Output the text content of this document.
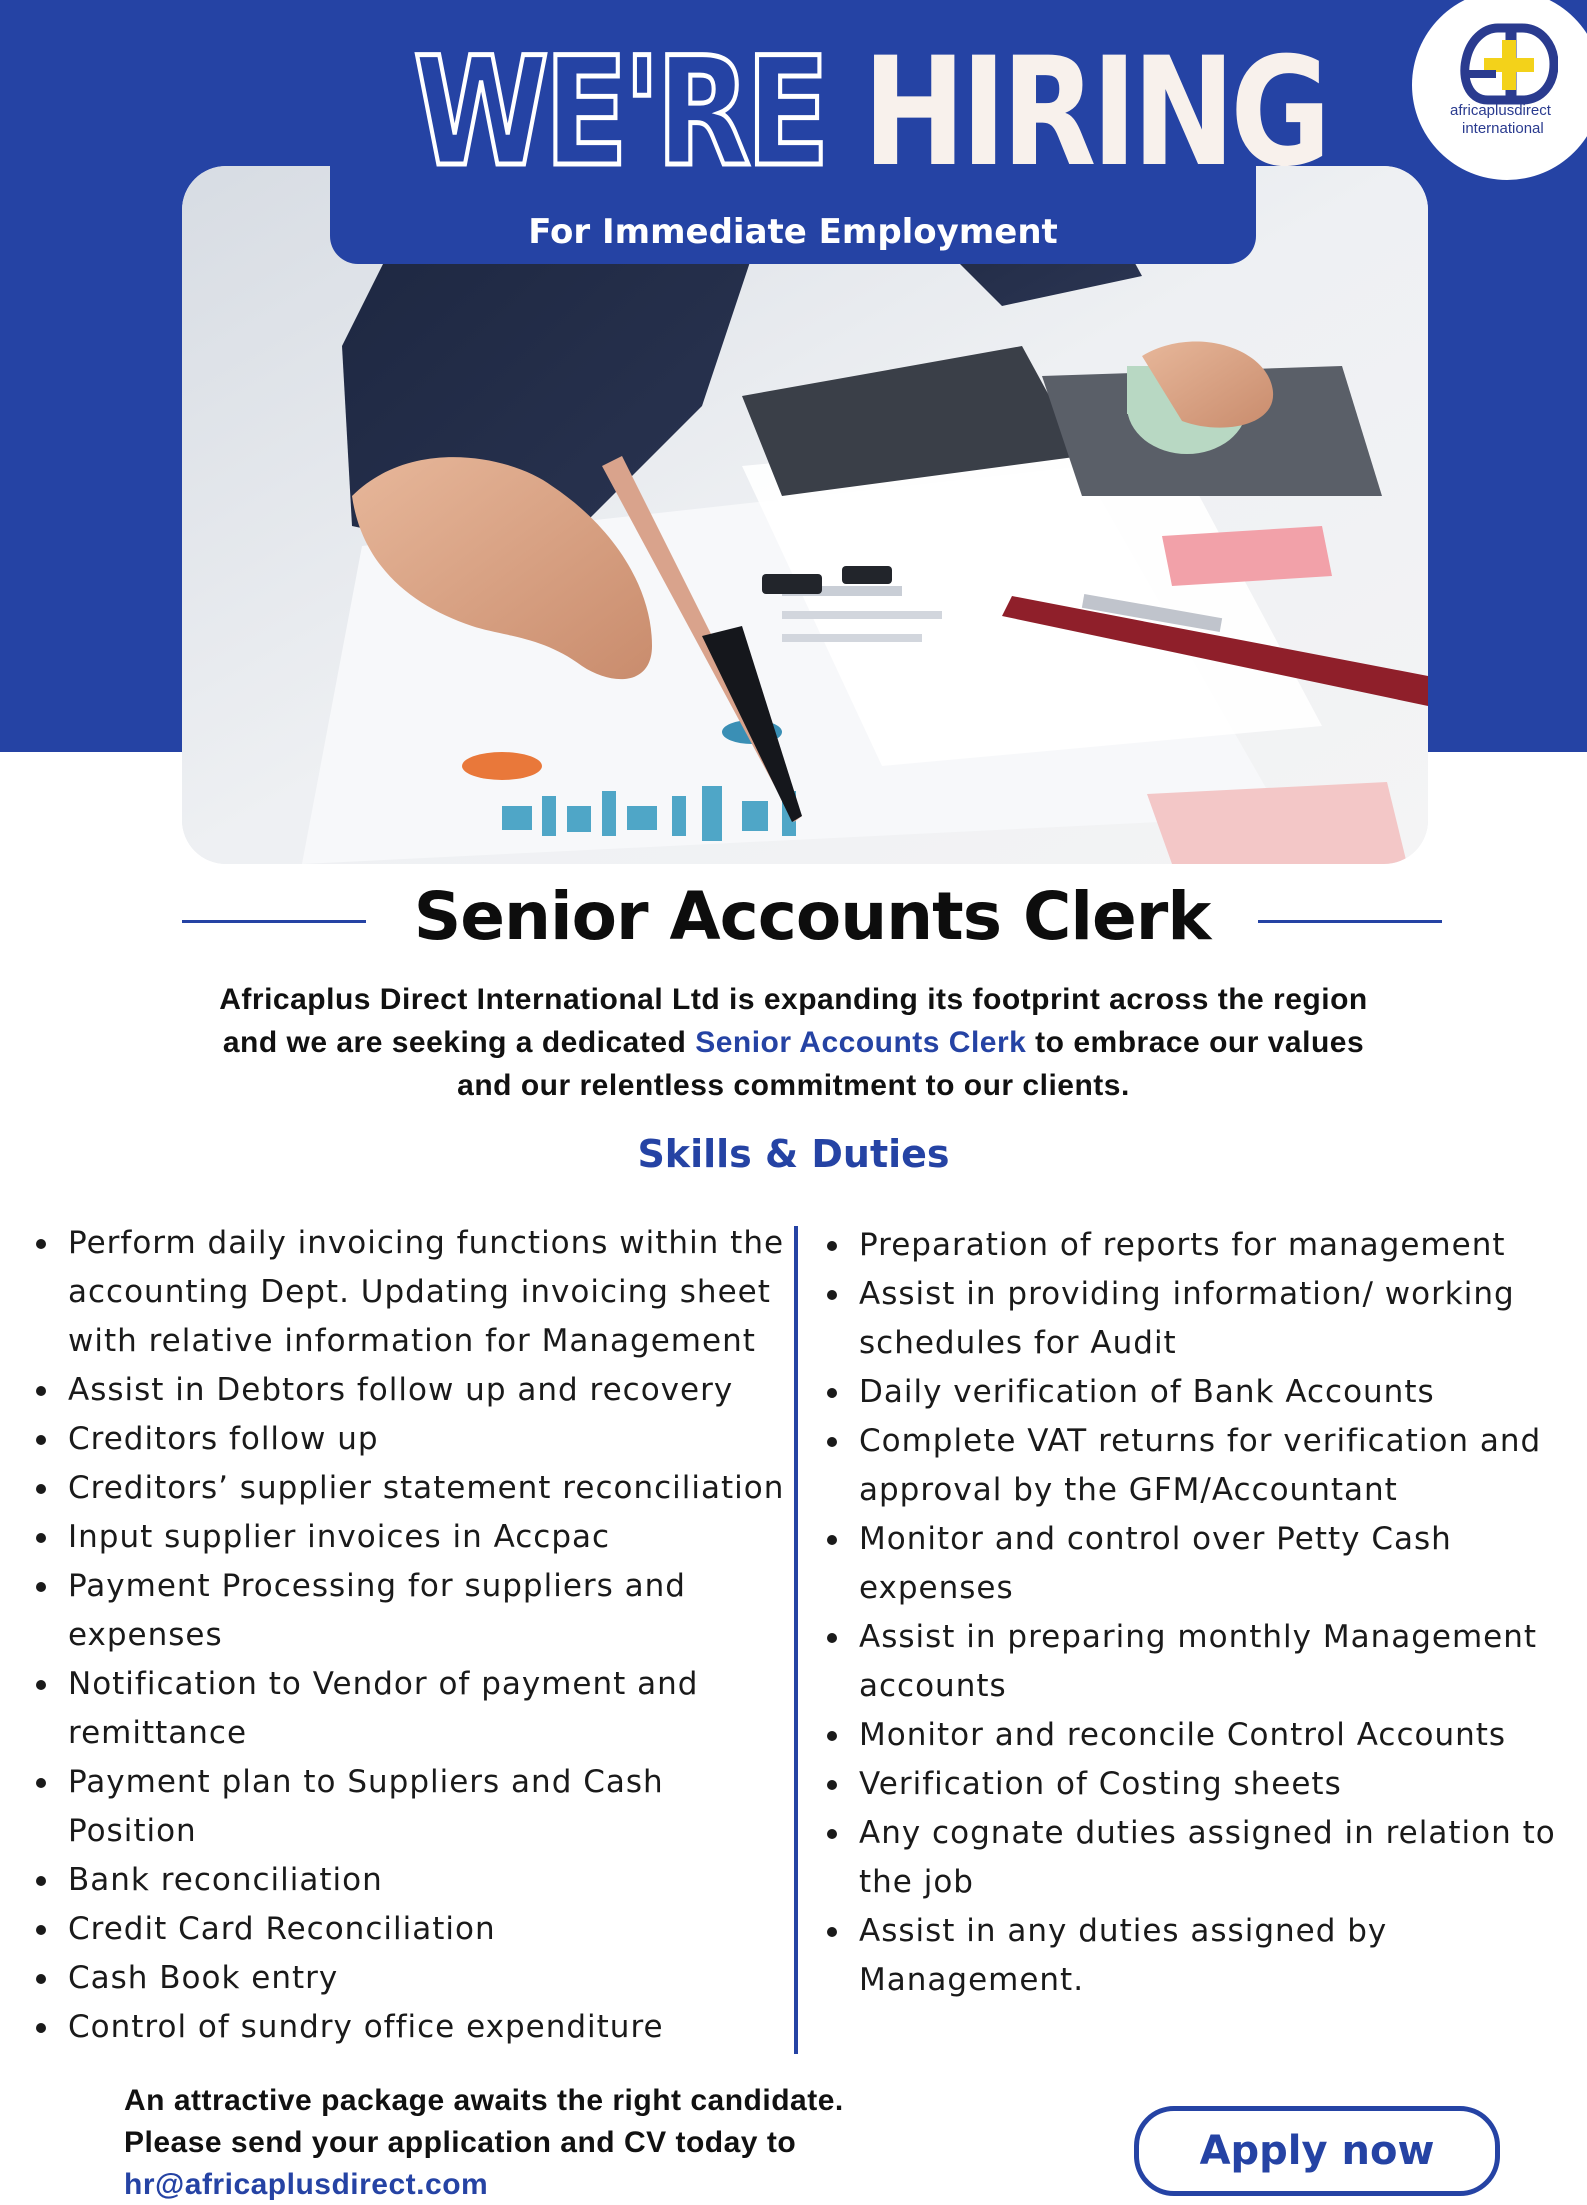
WE'RE HIRING
For Immediate Employment
africaplusdirect
international
Senior Accounts Clerk

Africaplus Direct International Ltd is expanding its footprint across the region
and we are seeking a dedicated Senior Accounts Clerk to embrace our values
and our relentless commitment to our clients.

Skills & Duties
Perform daily invoicing functions within the accounting Dept. Updating invoicing sheet with relative information for Management
Assist in Debtors follow up and recovery
Creditors follow up
Creditors’ supplier statement reconciliation
Input supplier invoices in Accpac
Payment Processing for suppliers and expenses
Notification to Vendor of payment and remittance
Payment plan to Suppliers and Cash Position
Bank reconciliation
Credit Card Reconciliation
Cash Book entry
Control of sundry office expenditure
Preparation of reports for management
Assist in providing information/ working schedules for Audit
Daily verification of Bank Accounts
Complete VAT returns for verification and approval by the GFM/Accountant
Monitor and control over Petty Cash expenses
Assist in preparing monthly Management accounts
Monitor and reconcile Control Accounts
Verification of Costing sheets
Any cognate duties assigned in relation to the job
Assist in any duties assigned by Management.
An attractive package awaits the right candidate.
Please send your application and CV today to
hr@africaplusdirect.com
Apply now
